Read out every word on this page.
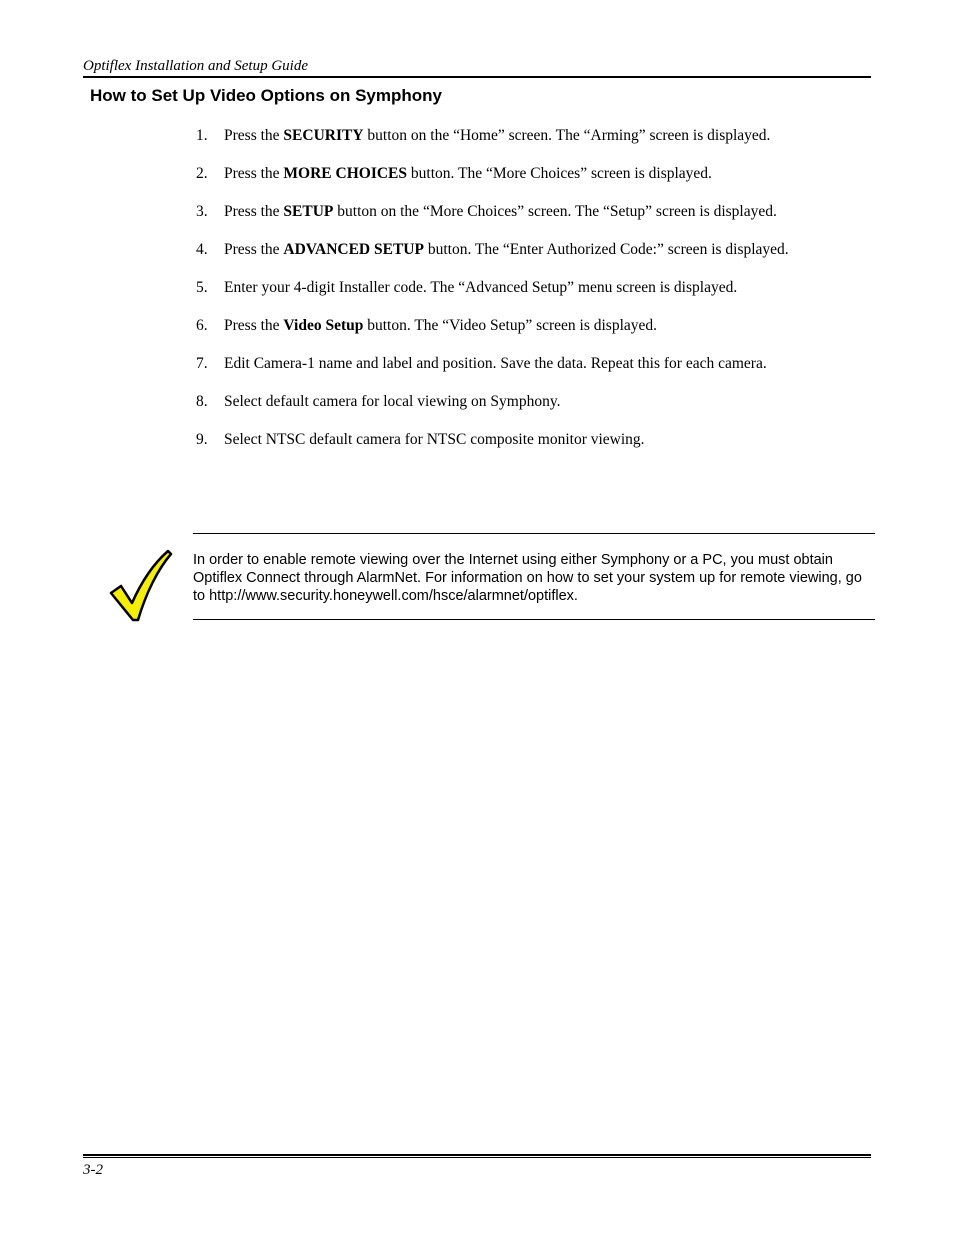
Optiflex Installation and Setup Guide
How to Set Up Video Options on Symphony
1. Press the SECURITY button on the “Home” screen. The “Arming” screen is displayed.
2. Press the MORE CHOICES button. The “More Choices” screen is displayed.
3. Press the SETUP button on the “More Choices” screen. The “Setup” screen is displayed.
4. Press the ADVANCED SETUP button. The “Enter Authorized Code:” screen is displayed.
5. Enter your 4-digit Installer code. The “Advanced Setup” menu screen is displayed.
6. Press the Video Setup button. The “Video Setup” screen is displayed.
7. Edit Camera-1 name and label and position. Save the data. Repeat this for each camera.
8. Select default camera for local viewing on Symphony.
9. Select NTSC default camera for NTSC composite monitor viewing.
In order to enable remote viewing over the Internet using either Symphony or a PC, you must obtain Optiflex Connect through AlarmNet. For information on how to set your system up for remote viewing, go to http://www.security.honeywell.com/hsce/alarmnet/optiflex.
3-2
